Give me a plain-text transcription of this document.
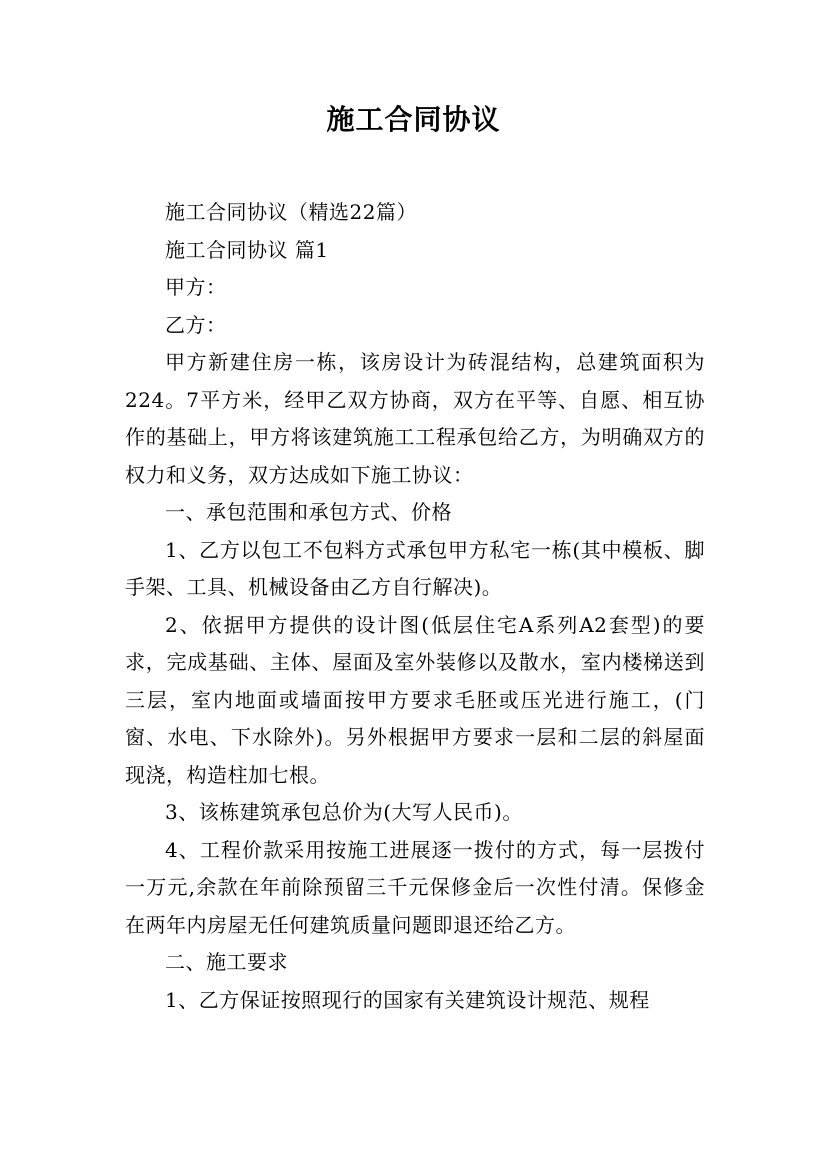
施工合同协议

施工合同协议（精选22篇）

施工合同协议 篇1

甲方：

乙方：

甲方新建住房一栋，该房设计为砖混结构，总建筑面积为224。7平方米，经甲乙双方协商，双方在平等、自愿、相互协作的基础上，甲方将该建筑施工工程承包给乙方，为明确双方的权力和义务，双方达成如下施工协议：

一、承包范围和承包方式、价格

1、乙方以包工不包料方式承包甲方私宅一栋(其中模板、脚手架、工具、机械设备由乙方自行解决)。

2、依据甲方提供的设计图(低层住宅A系列A2套型)的要求，完成基础、主体、屋面及室外装修以及散水，室内楼梯送到三层，室内地面或墙面按甲方要求毛胚或压光进行施工，(门窗、水电、下水除外)。另外根据甲方要求一层和二层的斜屋面现浇，构造柱加七根。

3、该栋建筑承包总价为(大写人民币)。

4、工程价款采用按施工进展逐一拨付的方式，每一层拨付一万元,余款在年前除预留三千元保修金后一次性付清。保修金在两年内房屋无任何建筑质量问题即退还给乙方。

二、施工要求

1、乙方保证按照现行的国家有关建筑设计规范、规程
